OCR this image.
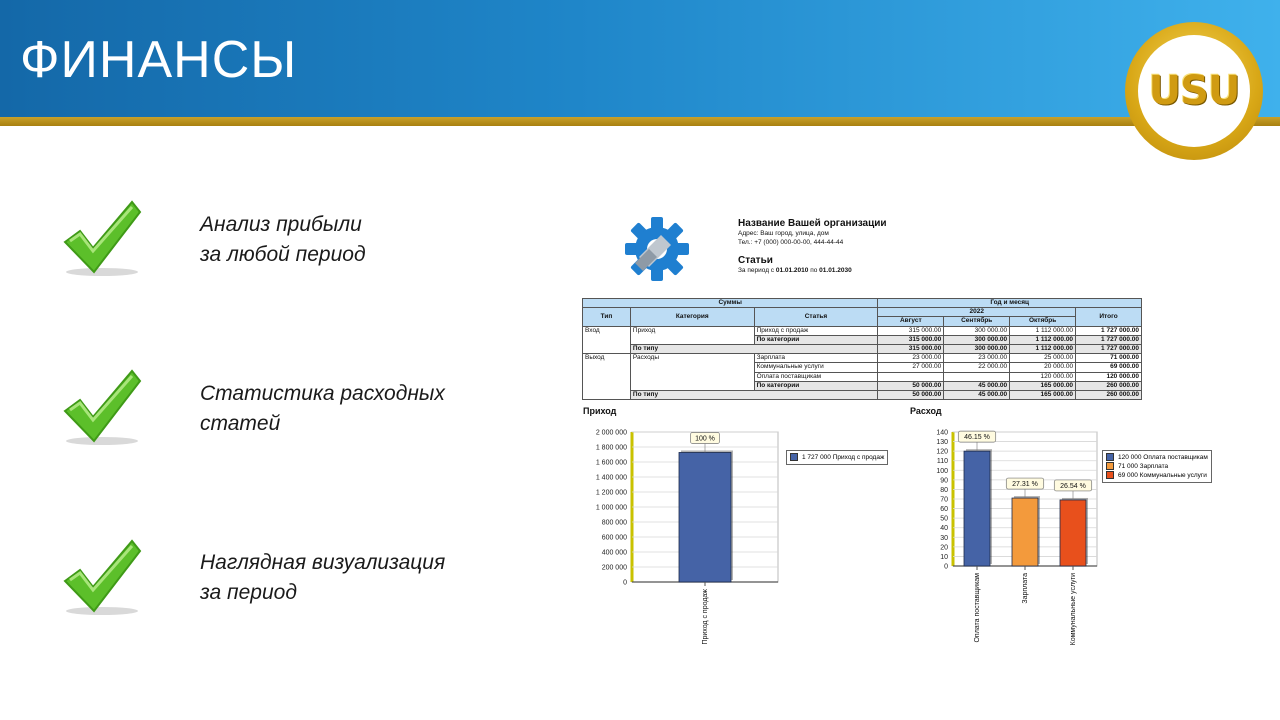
ФИНАНСЫ
USU
Анализ прибыли
за любой период
Статистика расходных
статей
Наглядная визуализация
за период
Название Вашей организации
Адрес: Ваш город, улица, дом
Тел.: +7 (000) 000-00-00, 444-44-44
Статьи
За период с 01.01.2010 по 01.01.2030
Суммы			Год и месяц			
Тип	Категория	Статья	2022			Итого
			Август	Сентябрь	Октябрь	
Вход	Приход	Приход с продаж	315 000.00	300 000.00	1 112 000.00	1 727 000.00
		По категории	315 000.00	300 000.00	1 112 000.00	1 727 000.00
	По типу		315 000.00	300 000.00	1 112 000.00	1 727 000.00
Выход	Расходы	Зарплата	23 000.00	23 000.00	25 000.00	71 000.00
		Коммунальные услуги	27 000.00	22 000.00	20 000.00	69 000.00
		Оплата поставщикам			120 000.00	120 000.00
		По категории	50 000.00	45 000.00	165 000.00	260 000.00
	По типу		50 000.00	45 000.00	165 000.00	260 000.00
Приход	Расход
0
200 000
400 000
600 000
800 000
1 000 000
1 200 000
1 400 000
1 600 000
1 800 000
2 000 000
100 %
Приход с продаж
0
10
20
30
40
50
60
70
80
90
100
110
120
130
140
46.15 %
Оплата поставщикам
27.31 %
Зарплата
26.54 %
Коммунальные услуги
1 727 000 Приход с продаж	120 000 Оплата поставщикам
71 000 Зарплата
69 000 Коммунальные услуги
